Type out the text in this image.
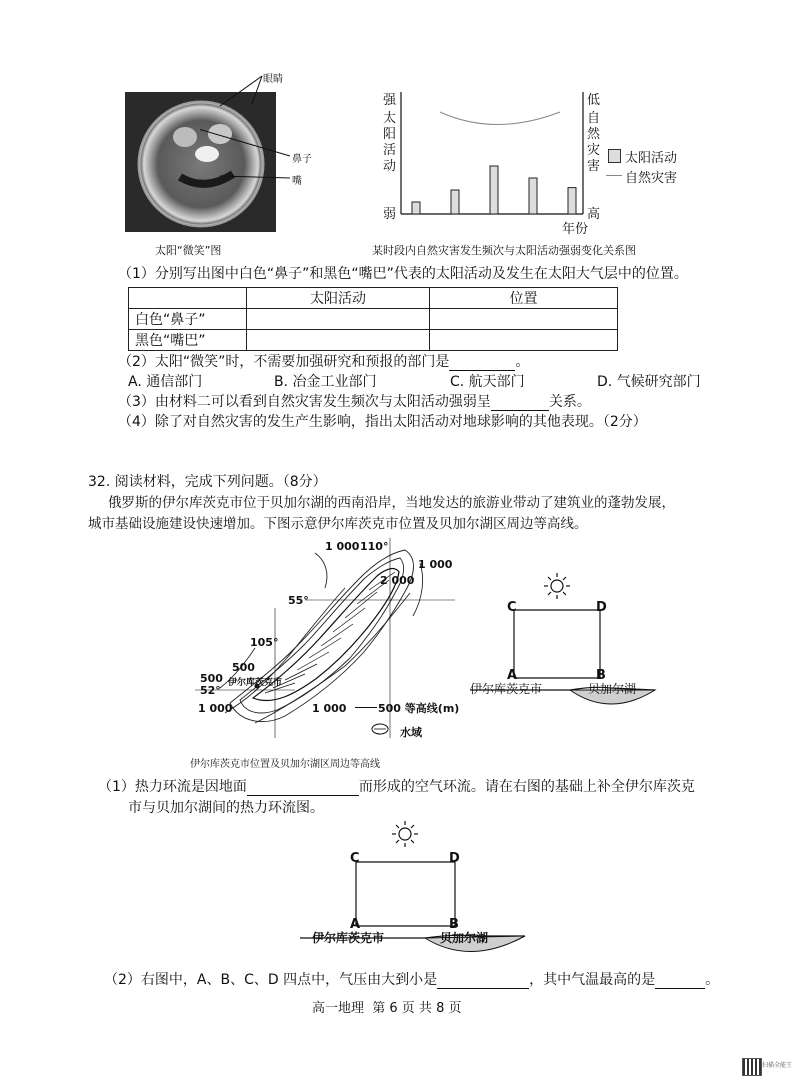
眼睛
鼻子
嘴
太阳“微笑”图
强
太阳活动
弱
低
自然灾害
高
年份
太阳活动
自然灾害
某时段内自然灾害发生频次与太阳活动强弱变化关系图
（1）分别写出图中白色“鼻子”和黑色“嘴巴”代表的太阳活动及发生在太阳大气层中的位置。
	太阳活动	位置
白色“鼻子”		
黑色“嘴巴”		
（2）太阳“微笑”时，不需要加强研究和预报的部门是	。
A. 通信部门	B. 冶金工业部门	C. 航天部门	D. 气候研究部门
（3）由材料二可以看到自然灾害发生频次与太阳活动强弱呈	关系。
（4）除了对自然灾害的发生产生影响，指出太阳活动对地球影响的其他表现。（2分）
32. 阅读材料，完成下列问题。（8分）
俄罗斯的伊尔库茨克市位于贝加尔湖的西南沿岸，当地发达的旅游业带动了建筑业的蓬勃发展，
城市基础设施建设快速增加。下图示意伊尔库茨克市位置及贝加尔湖区周边等高线。
1 000 110°
1 000
2 000
55°
105°
500
伊尔库茨克市
500
52°
1 000	1 000	500 等高线(m)
水域
伊尔库茨克市位置及贝加尔湖区周边等高线
C	D
A	B
伊尔库茨克市	贝加尔湖
（1）热力环流是因地面	而形成的空气环流。请在右图的基础上补全伊尔库茨克
市与贝加尔湖间的热力环流图。
C	D
A	B
伊尔库茨克市	贝加尔湖
（2）右图中，A、B、C、D 四点中，气压由大到小是	，其中气温最高的是	。
高一地理  第 6 页 共 8 页
扫描全能王
